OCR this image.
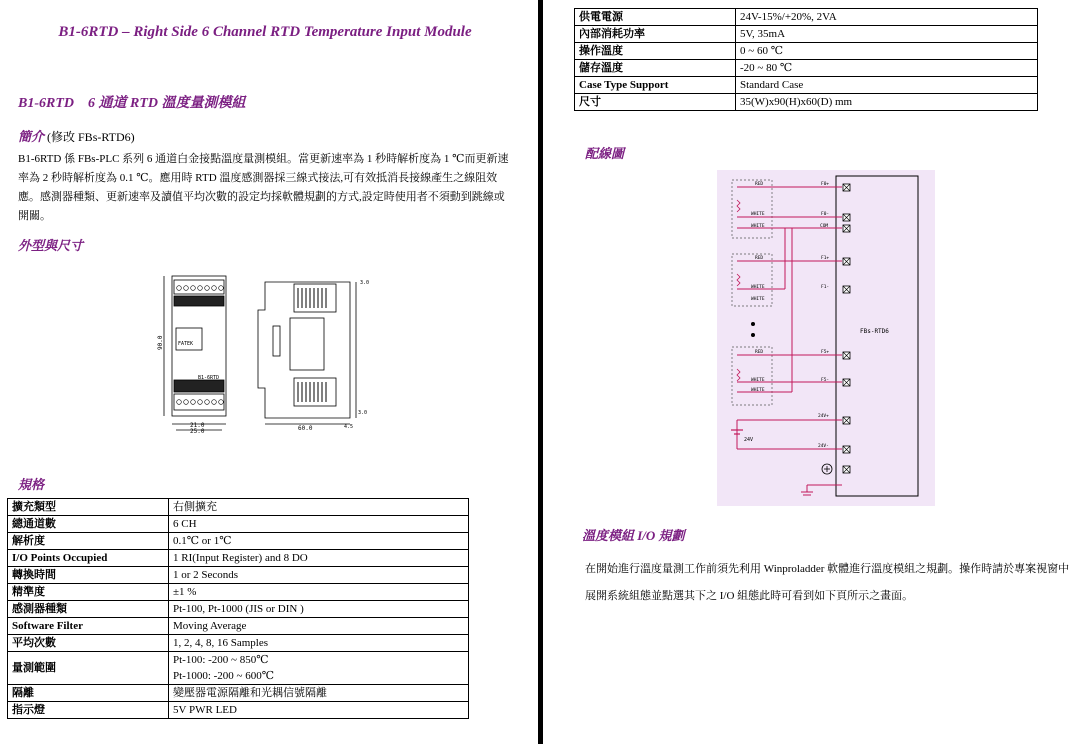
B1-6RTD – Right Side 6 Channel RTD Temperature Input Module
B1-6RTD　6 通道 RTD 溫度量測模組
簡介 (修改 FBs-RTD6)
B1-6RTD 係 FBs-PLC 系列 6 通道白金接點溫度量測模組。當更新速率為 1 秒時解析度為 1 ℃而更新速率為 2 秒時解析度為 0.1 ℃。應用時 RTD 溫度感測器採三線式接法,可有效抵消長接線產生之線阻效應。感測器種類、更新速率及讀值平均次數的設定均採軟體規劃的方式,設定時使用者不須動到跳線或開關。
外型與尺寸
FATEK
B1-6RTD
90.0
21.0
25.0	60.0
3.0
3.0
4.5
規格
擴充類型	右側擴充

總通道數	6 CH

解析度	0.1℃ or 1℃

I/O Points Occupied	1 RI(Input Register) and 8 DO

轉換時間	1 or 2 Seconds

精準度	±1 %

感測器種類	Pt-100, Pt-1000 (JIS or DIN )

Software Filter	Moving Average

平均次數	1, 2, 4, 8, 16 Samples

量測範圍	Pt-100: -200 ~ 850℃
Pt-1000: -200 ~ 600℃

隔離	變壓器電源隔離和光耦信號隔離

指示燈	5V PWR LED
供電電源	24V-15%/+20%, 2VA
內部消耗功率	5V, 35mA
操作溫度	0 ~ 60 ℃
儲存溫度	-20 ~ 80 ℃
Case Type Support	Standard Case
尺寸	35(W)x90(H)x60(D) mm
配線圖
FBs-RTD6
24V
RED
WHITE
WHITE
RED
WHITE
WHITE
RED
WHITE
WHITE
F0+
F0-
COM
F1+
F1-
F5+
F5-
24V+
24V-
溫度模組 I/O 規劃
在開始進行溫度量測工作前須先利用 Winproladder 軟體進行溫度模組之規劃。操作時請於專案視窗中展開系統組態並點選其下之 I/O 組態此時可看到如下頁所示之畫面。
